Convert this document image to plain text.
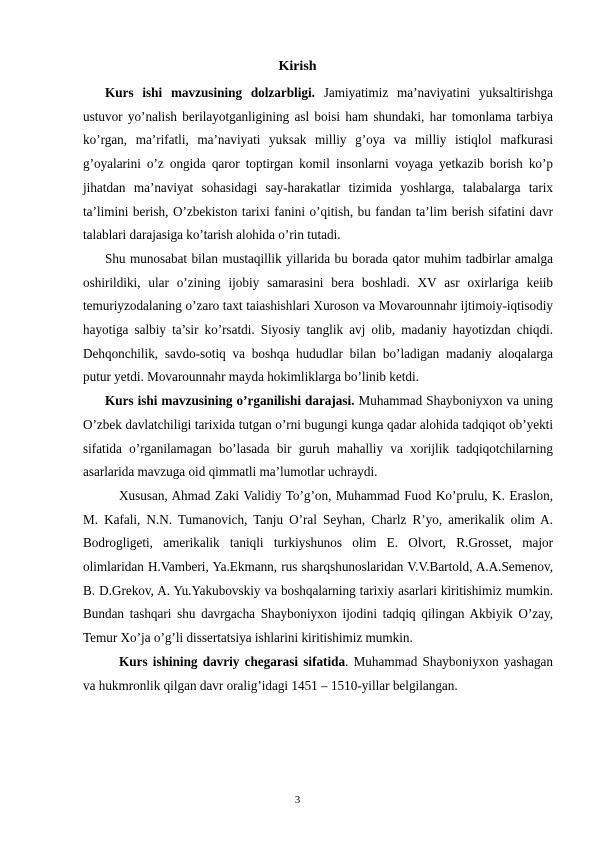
Kirish

Kurs ishi mavzusining dolzarbligi. Jamiyatimiz ma’naviyatini yuksaltirishga ustuvor yo’nalish berilayotganligining asl boisi ham shundaki, har tomonlama tarbiya ko’rgan, ma’rifatli, ma’naviyati yuksak milliy g’oya va milliy istiqlol mafkurasi g’oyalarini o’z ongida qaror toptirgan komil insonlarni voyaga yetkazib borish ko’p jihatdan ma’naviyat sohasidagi say-harakatlar tizimida yoshlarga, talabalarga tarix ta’limini berish, O’zbekiston tarixi fanini o’qitish, bu fandan ta’lim berish sifatini davr talablari darajasiga ko’tarish alohida o’rin tutadi.

Shu munosabat bilan mustaqillik yillarida bu borada qator muhim tadbirlar amalga oshirildiki, ular o’zining ijobiy samarasini bera boshladi. XV asr oxirlariga keiib temuriyzodalaning o’zaro taxt taiashishlari Xuroson va Movarounnahr ijtimoiy-iqtisodiy hayotiga salbiy ta’sir ko’rsatdi. Siyosiy tanglik avj olib, madaniy hayotizdan chiqdi. Dehqonchilik, savdo-sotiq va boshqa hududlar bilan bo’ladigan madaniy aloqalarga putur yetdi. Movarounnahr mayda hokimliklarga bo’linib ketdi.

Kurs ishi mavzusining o’rganilishi darajasi. Muhammad Shayboniyxon va uning O’zbek davlatchiligi tarixida tutgan o’rni bugungi kunga qadar alohida tadqiqot ob’yekti sifatida o’rganilamagan bo’lasada bir guruh mahalliy va xorijlik tadqiqotchilarning asarlarida mavzuga oid qimmatli ma’lumotlar uchraydi.

Xususan, Ahmad Zaki Validiy To’g’on, Muhammad Fuod Ko’prulu, K. Eraslon, M. Kafali, N.N. Tumanovich, Tanju O’ral Seyhan, Charlz R’yo, amerikalik olim A. Bodrogligeti, amerikalik taniqli turkiyshunos olim E. Olvort, R.Grosset, major olimlaridan H.Vamberi, Ya.Ekmann, rus sharqshunoslaridan V.V.Bartold, A.A.Semenov, B. D.Grekov, A. Yu.Yakubovskiy va boshqalarning tarixiy asarlari kiritishimiz mumkin. Bundan tashqari shu davrgacha Shayboniyxon ijodini tadqiq qilingan Akbiyik O’zay, Temur Xo’ja o’g’li dissertatsiya ishlarini kiritishimiz mumkin.

Kurs ishining davriy chegarasi sifatida. Muhammad Shayboniyxon yashagan va hukmronlik qilgan davr oralig’idagi 1451 – 1510-yillar belgilangan.

3
